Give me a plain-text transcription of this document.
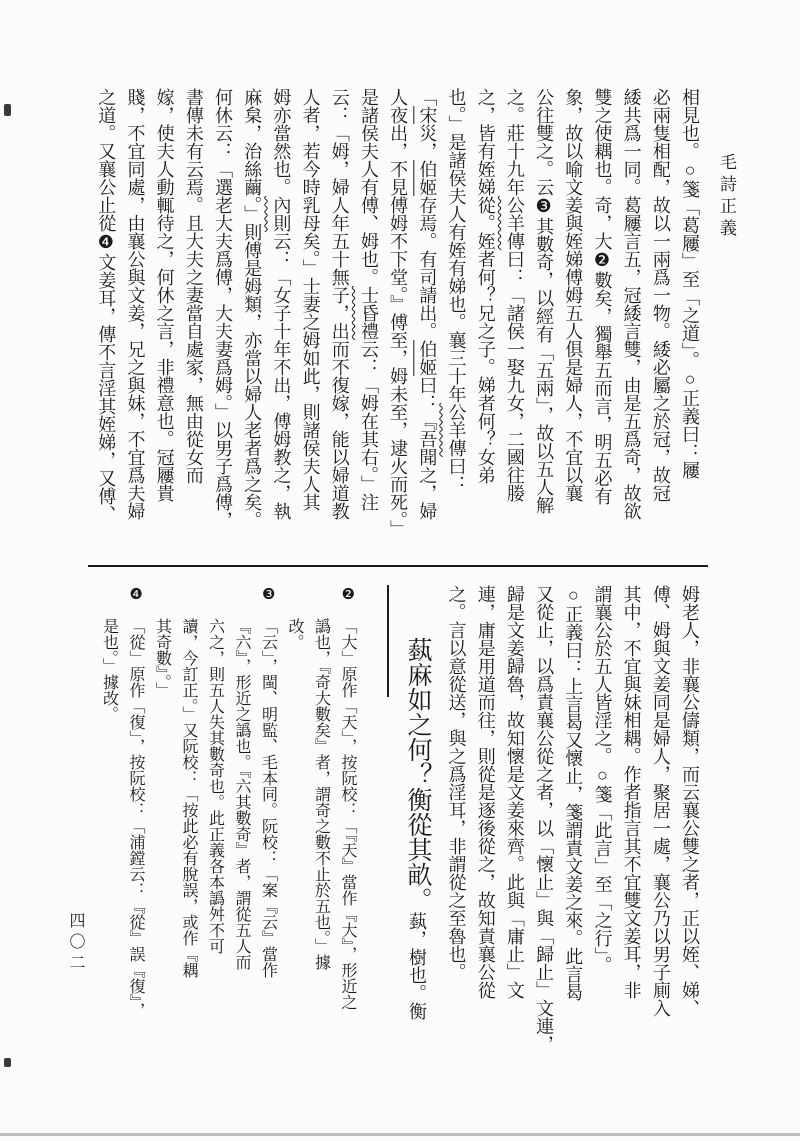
毛詩正義
相見也。○箋「葛屨」至「之道」。○正義曰：屨
必兩隻相配，故以一兩爲一物。緌必屬之於冠，故冠
緌共爲一同。葛屨言五，冠緌言雙，由是五爲奇，故欲
雙之使耦也。奇，大❷數矣，獨舉五而言，明五必有
象，故以喻文姜與姪娣傅姆五人俱是婦人，不宜以襄
公往雙之。云❸其數奇，以經有「五兩」，故以五人解
之。莊十九年公羊傳曰：「諸侯一娶九女，二國往媵
之，皆有姪娣從。姪者何？兄之子。娣者何？女弟
也。」是諸侯夫人有姪有娣也。襄三十年公羊傳曰：
「宋災，伯姬存焉。有司請出。伯姬曰：『吾聞之，婦
人夜出，不見傅姆不下堂。』傅至，姆未至，逮火而死。」
是諸侯夫人有傅、姆也。士昏禮云：「姆在其右。」注
云：「姆，婦人年五十無子，出而不復嫁，能以婦道教
人者，若今時乳母矣。」士妻之姆如此，則諸侯夫人其
姆亦當然也。內則云：「女子十年不出，傅姆教之，執
麻枲，治絲繭。」則傅是姆類，亦當以婦人老者爲之矣。
何休云：「選老大夫爲傅，大夫妻爲姆。」以男子爲傅，
書傳未有云焉。且大夫之妻當自處家，無由從女而
嫁，使夫人動輒待之，何休之言，非禮意也。冠屨貴
賤，不宜同處，由襄公與文姜，兄之與妹，不宜爲夫婦
之道。又襄公止從❹文姜耳，傳不言淫其姪娣，又傅、
姆老人，非襄公儔類，而云襄公雙之者，正以姪、娣、
傅、姆與文姜同是婦人，聚居一處，襄公乃以男子廁入
其中，不宜與妹相耦。作者指言其不宜雙文姜耳，非
謂襄公於五人皆淫之。○箋「此言」至「之行」。
○正義曰：上言曷又懷止，箋謂責文姜之來。此言曷
又從止，以爲責襄公從之者，以「懷止」與「歸止」文連，
歸是文姜歸魯，故知懷是文姜來齊。此與「庸止」文
連，庸是用道而往，則從是逐後從之，故知責襄公從
之。言以意從送，與之爲淫耳，非謂從之至魯也。
蓺麻如之何？衡從其畝。蓺，樹也。衡
❷
「大」原作「天」，按阮校：「『天』當作『大』，形近之
譌也，『奇大數矣』者，謂奇之數不止於五也。」據
改。
❸
「云」，閩、明監、毛本同。阮校：「案『云』當作
『六』，形近之譌也。『六其數奇』者，謂從五人而
六之，則五人失其數奇也。此正義各本譌舛不可
讀，今訂正。」又阮校：「按此必有脫誤，或作『耦
其奇數』。」
❹
「從」原作「復」，按阮校：「浦鏜云：『從』誤『復』，
是也。」據改。
四〇二
